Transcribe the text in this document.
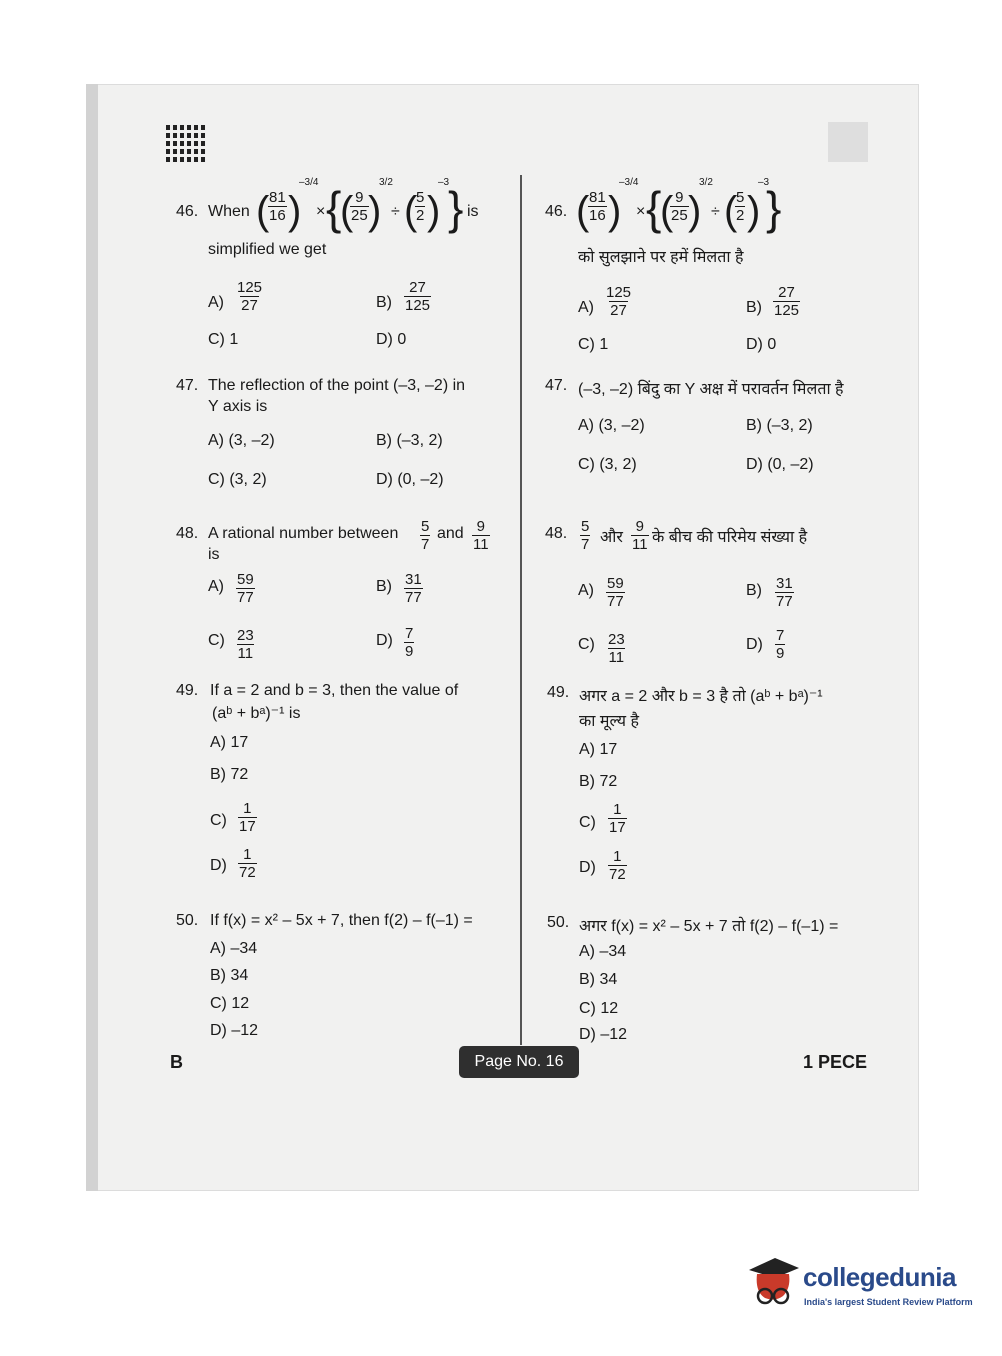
46. When (
$\frac{81}{16}$ )
–3/4
× {
(
$\frac{9}{25}$ )
3/2
÷ (
$\frac{5}{2}$ )
–3
} is
simplified we get
$A) \frac{125}{27}$	$B) \frac{27}{125}$
C) 1	D) 0
47. The reflection of the point (–3, –2) in
Y axis is
A) (3, –2)	B) (–3, 2)
C) (3, 2)	D) (0, –2)
48. A rational number between $\frac{5}{7}$ and $\frac{9}{11}$
is
$A) \frac{59}{77}$	$B) \frac{31}{77}$
$C) \frac{23}{11}$	$D) \frac{7}{9}$
49. If a = 2 and b = 3, then the value of
(aᵇ + bᵃ)⁻¹ is
A) 17
B) 72
$C) \frac{1}{17}$
$D) \frac{1}{72}$
50. If f(x) = x² – 5x + 7, then f(2) – f(–1) =
A) –34
B) 34
C) 12
D) –12
46. (
$\frac{81}{16}$ )
–3/4
× {
(
$\frac{9}{25}$ )
3/2
÷ (
$\frac{5}{2}$ )
–3
}
को सुलझाने पर हमें मिलता है
$A) \frac{125}{27}$	$B) \frac{27}{125}$
C) 1	D) 0
47. (–3, –2) बिंदु का Y अक्ष में परावर्तन मिलता है
A) (3, –2)	B) (–3, 2)
C) (3, 2)	D) (0, –2)
48. $\frac{5}{7}$ और $\frac{9}{11}$ के बीच की परिमेय संख्या है
$A) \frac{59}{77}$	$B) \frac{31}{77}$
$C) \frac{23}{11}$	$D) \frac{7}{9}$
49. अगर a = 2 और b = 3 है तो (aᵇ + bᵃ)⁻¹
का मूल्य है
A) 17
B) 72
$C) \frac{1}{17}$
$D) \frac{1}{72}$
50. अगर f(x) = x² – 5x + 7 तो f(2) – f(–1) =
A) –34
B) 34
C) 12
D) –12
B	Page No. 16	1 PECE
collegedunia
India's largest Student Review Platform
